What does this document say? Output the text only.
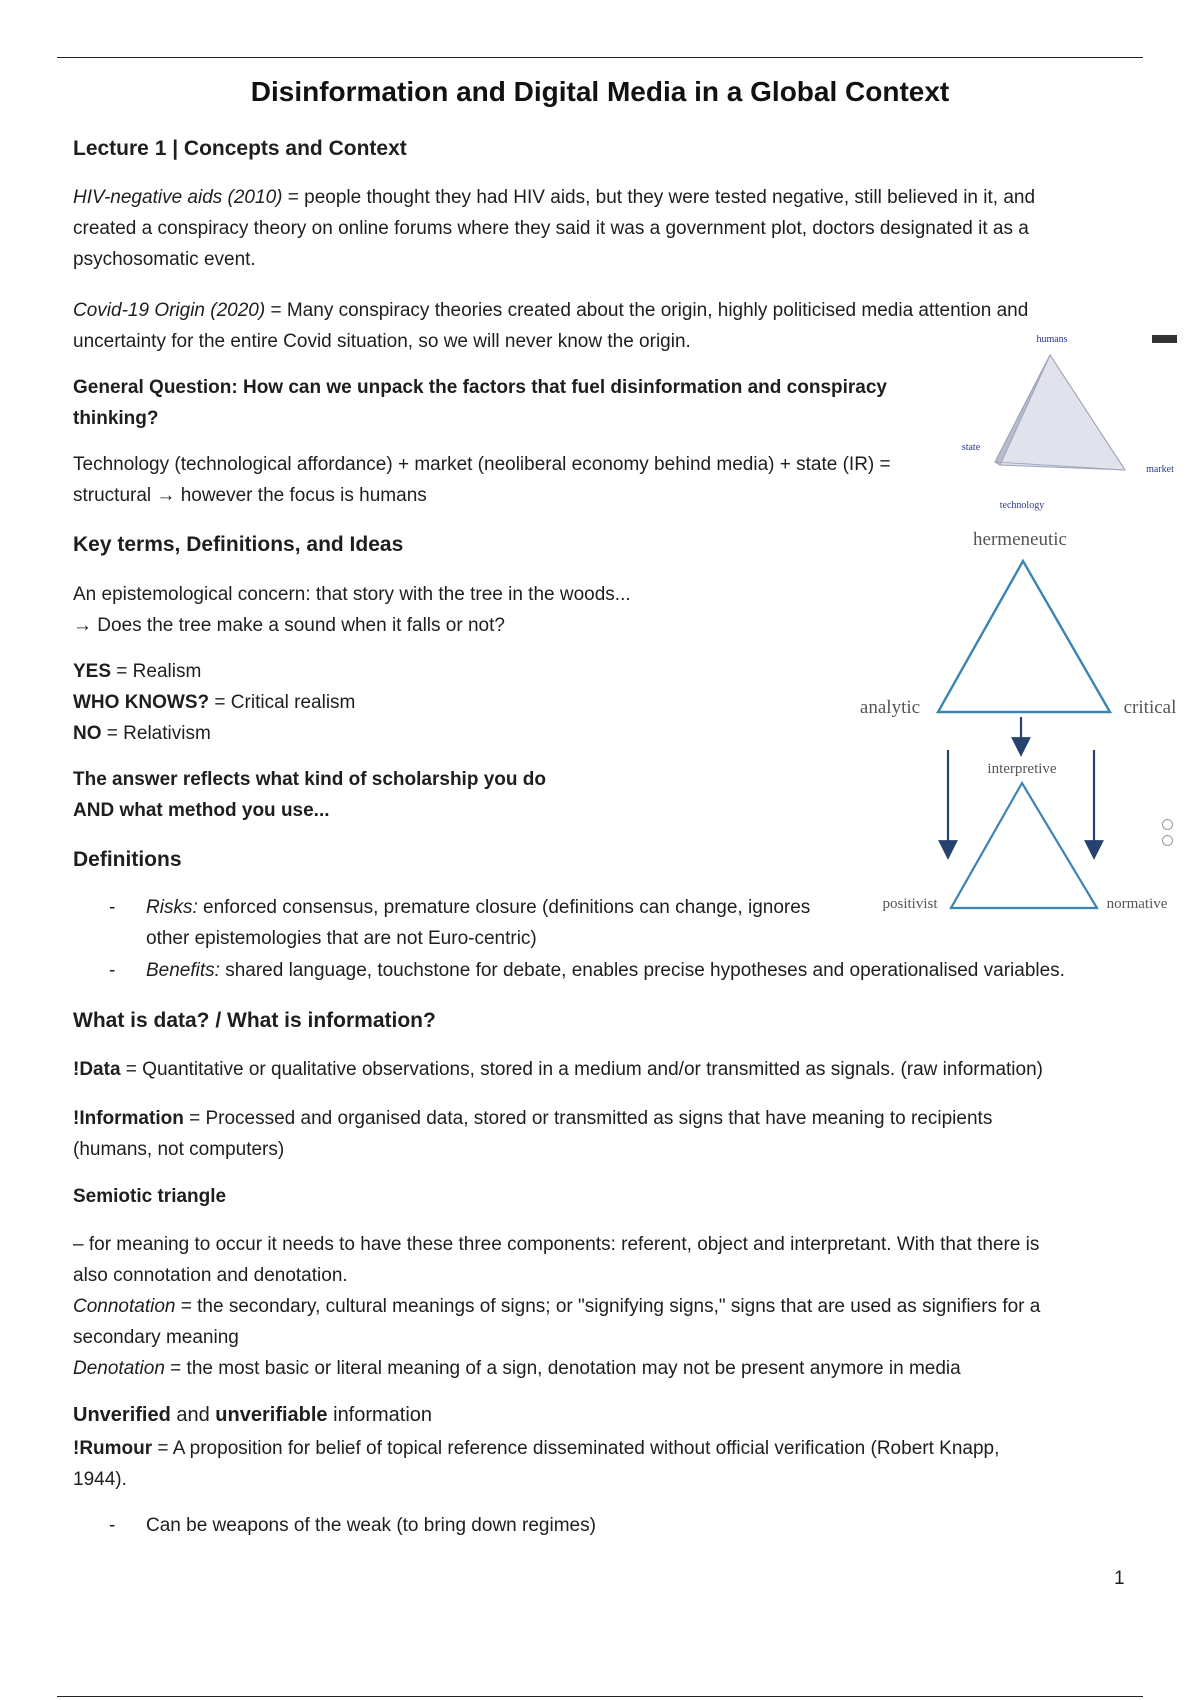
Disinformation and Digital Media in a Global Context
Lecture 1 | Concepts and Context
HIV-negative aids (2010) = people thought they had HIV aids, but they were tested negative, still believed in it, and
created a conspiracy theory on online forums where they said it was a government plot, doctors designated it as a
psychosomatic event.
Covid-19 Origin (2020) = Many conspiracy theories created about the origin, highly politicised media attention and
uncertainty for the entire Covid situation, so we will never know the origin.
General Question: How can we unpack the factors that fuel disinformation and conspiracy
thinking?
Technology (technological affordance) + market (neoliberal economy behind media) + state (IR) =
structural → however the focus is humans
Key terms, Definitions, and Ideas
An epistemological concern: that story with the tree in the woods...
→ Does the tree make a sound when it falls or not?
YES = Realism
WHO KNOWS? = Critical realism
NO = Relativism
The answer reflects what kind of scholarship you do
AND what method you use...
Definitions
- Risks: enforced consensus, premature closure (definitions can change, ignores
other epistemologies that are not Euro-centric)
- Benefits: shared language, touchstone for debate, enables precise hypotheses and operationalised variables.
What is data? / What is information?
!Data = Quantitative or qualitative observations, stored in a medium and/or transmitted as signals. (raw information)
!Information = Processed and organised data, stored or transmitted as signs that have meaning to recipients
(humans, not computers)
Semiotic triangle
– for meaning to occur it needs to have these three components: referent, object and interpretant. With that there is
also connotation and denotation.
Connotation = the secondary, cultural meanings of signs; or "signifying signs," signs that are used as signifiers for a
secondary meaning
Denotation = the most basic or literal meaning of a sign, denotation may not be present anymore in media
Unverified and unverifiable information
!Rumour = A proposition for belief of topical reference disseminated without official verification (Robert Knapp,
1944).
- Can be weapons of the weak (to bring down regimes)
1
humans
state
market
technology
hermeneutic
analytic	critical
interpretive
positivist	normative
